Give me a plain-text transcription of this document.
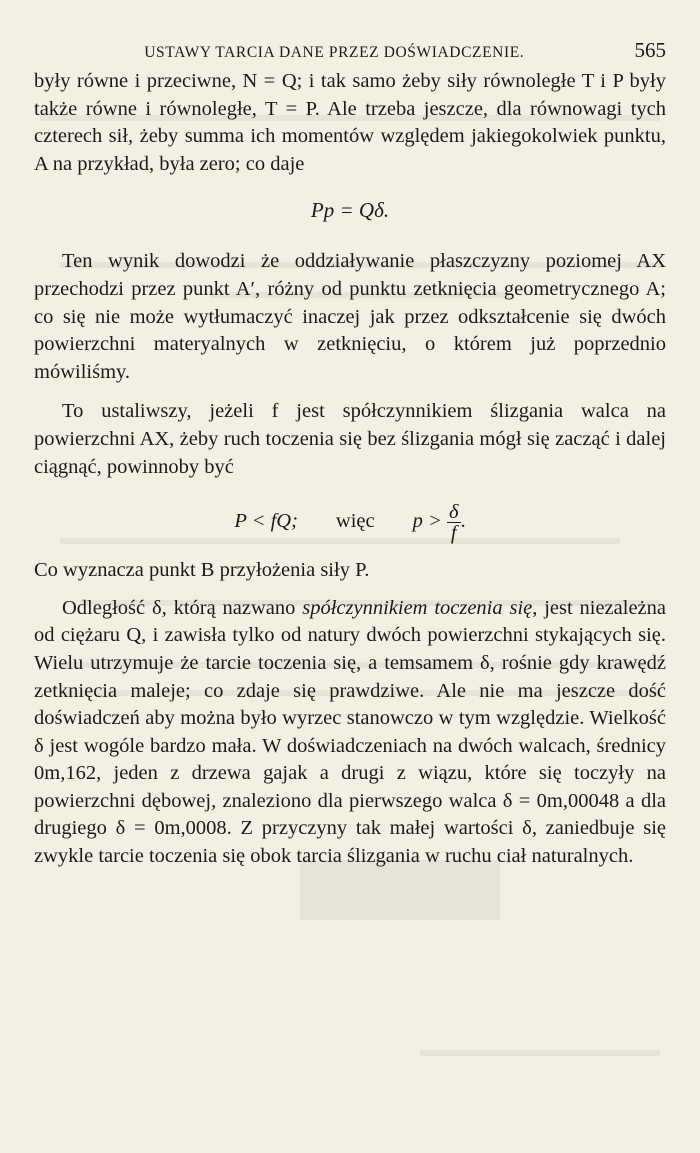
USTAWY TARCIA DANE PRZEZ DOŚWIADCZENIE.	565

były równe i przeciwne, N = Q; i tak samo żeby siły równoległe T i P były także równe i równoległe, T = P. Ale trzeba jeszcze, dla równowagi tych czterech sił, żeby summa ich momentów względem jakiegokolwiek punktu, A na przykład, była zero; co daje

Pp = Qδ.

Ten wynik dowodzi że oddziaływanie płaszczyzny poziomej AX przechodzi przez punkt A′, różny od punktu zetknięcia geometrycznego A; co się nie może wytłumaczyć inaczej jak przez odkształcenie się dwóch powierzchni materyalnych w zetknięciu, o którem już poprzednio mówiliśmy.

To ustaliwszy, jeżeli f jest spółczynnikiem ślizgania walca na powierzchni AX, żeby ruch toczenia się bez ślizgania mógł się zacząć i dalej ciągnąć, powinnoby być

P < fQ; więc $p > \frac{\delta}{f}$ .

Co wyznacza punkt B przyłożenia siły P.

Odległość δ, którą nazwano spółczynnikiem toczenia się, jest niezależna od ciężaru Q, i zawisła tylko od natury dwóch powierzchni stykających się. Wielu utrzymuje że tarcie toczenia się, a temsamem δ, rośnie gdy krawędź zetknięcia maleje; co zdaje się prawdziwe. Ale nie ma jeszcze dość doświadczeń aby można było wyrzec stanowczo w tym względzie. Wielkość δ jest wogóle bardzo mała. W doświadczeniach na dwóch walcach, średnicy 0m,162, jeden z drzewa gajak a drugi z wiązu, które się toczyły na powierzchni dębowej, znaleziono dla pierwszego walca δ = 0m,00048 a dla drugiego δ = 0m,0008. Z przyczyny tak małej wartości δ, zaniedbuje się zwykle tarcie toczenia się obok tarcia ślizgania w ruchu ciał naturalnych.
